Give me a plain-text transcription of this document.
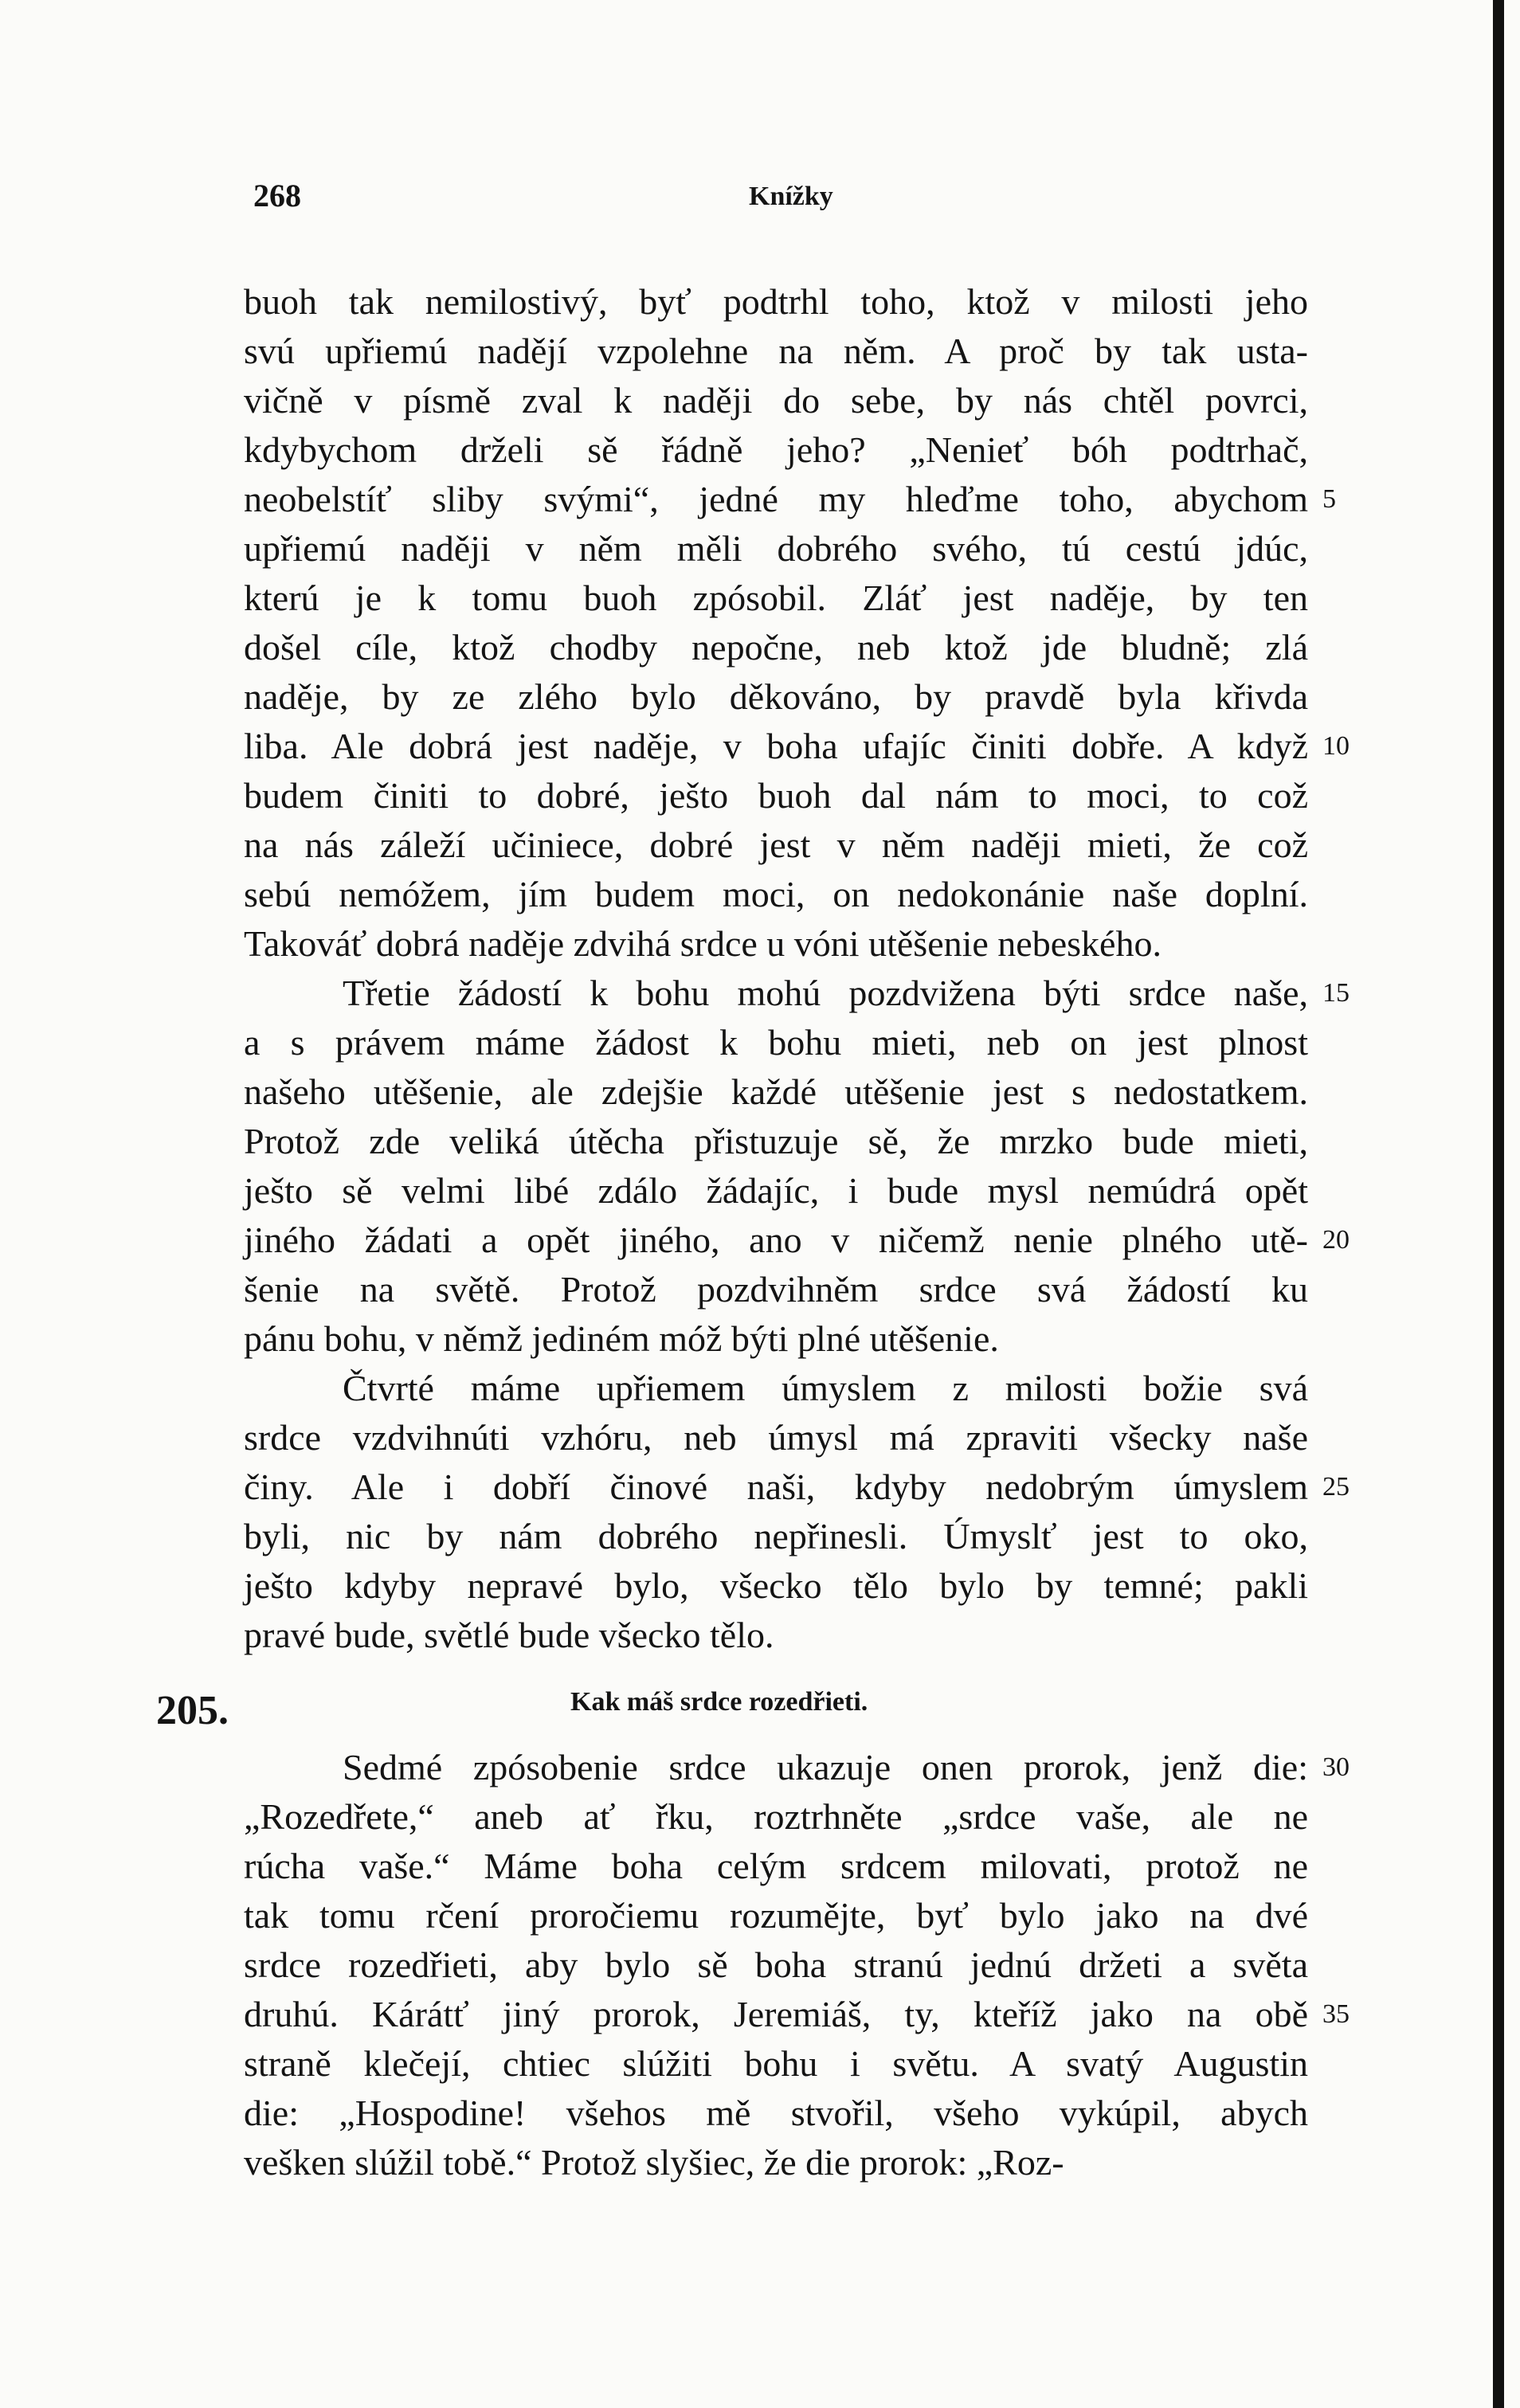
268	Knížky
buoh tak nemilostivý, byť podtrhl toho, ktož v milosti jeho
svú upřiemú nadějí vzpolehne na něm. A proč by tak usta-
vičně v písmě zval k naději do sebe, by nás chtěl povrci,
kdybychom drželi sě řádně jeho? „Nenieť bóh podtrhač,
neobelstíť sliby svými“, jedné my hleďme toho, abychom
upřiemú naději v něm měli dobrého svého, tú cestú jdúc,
kterú je k tomu buoh zpósobil. Zláť jest naděje, by ten
došel cíle, ktož chodby nepočne, neb ktož jde bludně; zlá
naděje, by ze zlého bylo děkováno, by pravdě byla křivda
liba. Ale dobrá jest naděje, v boha ufajíc činiti dobře. A když
budem činiti to dobré, ještο buoh dal nám to moci, to což
na nás záleží učiniece, dobré jest v něm naději mieti, že což
sebú nemóžem, jím budem moci, on nedokonánie naše doplní.
Takováť dobrá naděje zdvihá srdce u vóni utěšenie nebeského.
Třetie žádostí k bohu mohú pozdvižena býti srdce naše,
a s právem máme žádost k bohu mieti, neb on jest plnost
našeho utěšenie, ale zdejšie každé utěšenie jest s nedostatkem.
Protož zde veliká útěcha přistuzuje sě, že mrzko bude mieti,
ještο sě velmi libé zdálo žádajíc, i bude mysl nemúdrá opět
jiného žádati a opět jiného, ano v ničemž nenie plného utě-
šenie na světě. Protož pozdvihněm srdce svá žádostí ku
pánu bohu, v němž jediném móž býti plné utěšenie.
Čtvrté máme upřiemem úmyslem z milosti božie svá
srdce vzdvihnúti vzhóru, neb úmysl má zpraviti všecky naše
činy. Ale i dobří činové naši, kdyby nedobrým úmyslem
byli, nic by nám dobrého nepřinesli. Úmyslť jest to oko,
ještο kdyby nepravé bylo, všecko tělo bylo by temné; pakli
pravé bude, světlé bude všecko tělo.
205.	Kak máš srdce rozedřieti.
Sedmé zpósobenie srdce ukazuje onen prorok, jenž die:
„Rozedřete,“ aneb ať řku, roztrhněte „srdce vaše, ale ne
rúcha vaše.“ Máme boha celým srdcem milovati, protož ne
tak tomu rčení proročiemu rozumějte, byť bylo jako na dvé
srdce rozedřieti, aby bylo sě boha stranú jednú držeti a světa
druhú. Kárátť jiný prorok, Jeremiáš, ty, kteříž jako na obě
straně klečejí, chtiec slúžiti bohu i světu. A svatý Augustin
die: „Hospodine! všehos mě stvořil, všeho vykúpil, abych
vešken slúžil tobě.“ Protož slyšiec, že die prorok: „Roz-
5
10
15
20
25
30
35
